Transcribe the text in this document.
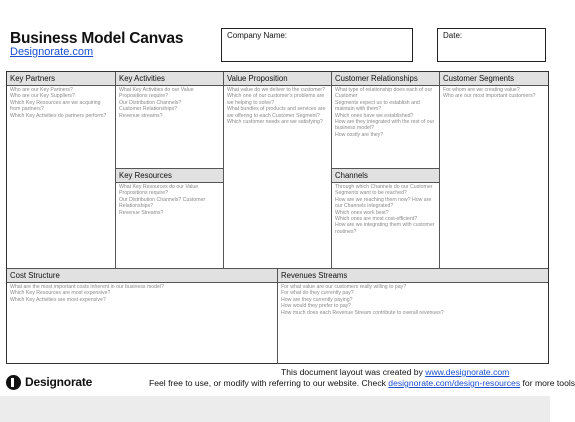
Business Model Canvas
Designorate.com
Company Name:	Date:
Key Partners
Who are our Key Partners?
Who are our Key Suppliers?
Which Key Resources are we acquiring from partners?
Which Key Activities do partners perform?
Key Activities
What Key Activities do our Value Propositions require?
Our Distribution Channels?
Customer Relationships?
Revenue streams?
Key Resources
What Key Resources do our Value Propositions require?
Our Distribution Channels? Customer Relationships?
Revenue Streams?
Value Proposition
What value do we deliver to the customer?
Which one of our customer's problems are we helping to solve?
What bundles of products and services are we offering to each Customer Segment?
Which customer needs are we satisfying?
Customer Relationships
What type of relationship does each of our Customer
Segments expect us to establish and maintain with them?
Which ones have we established?
How are they integrated with the rest of our business model?
How costly are they?
Channels
Through which Channels do our Customer Segments want to be reached?
How are we reaching them now? How are our Channels integrated?
Which ones work best?
Which ones are most cost-efficient?
How are we integrating them with customer routines?
Customer Segments
For whom are we creating value?
Who are our most important customers?
Cost Structure
What are the most important costs inherent in our business model?
Which Key Resources are most expensive?
Which Key Activities are most expensive?
Revenues Streams
For what value are our customers really willing to pay?
For what do they currently pay?
How are they currently paying?
How would they prefer to pay?
How much does each Revenue Stream contribute to overall revenues?
Designorate
This document layout was created by www.designorate.com
Feel free to use, or modify with referring to our website. Check designorate.com/design-resources for more tools
